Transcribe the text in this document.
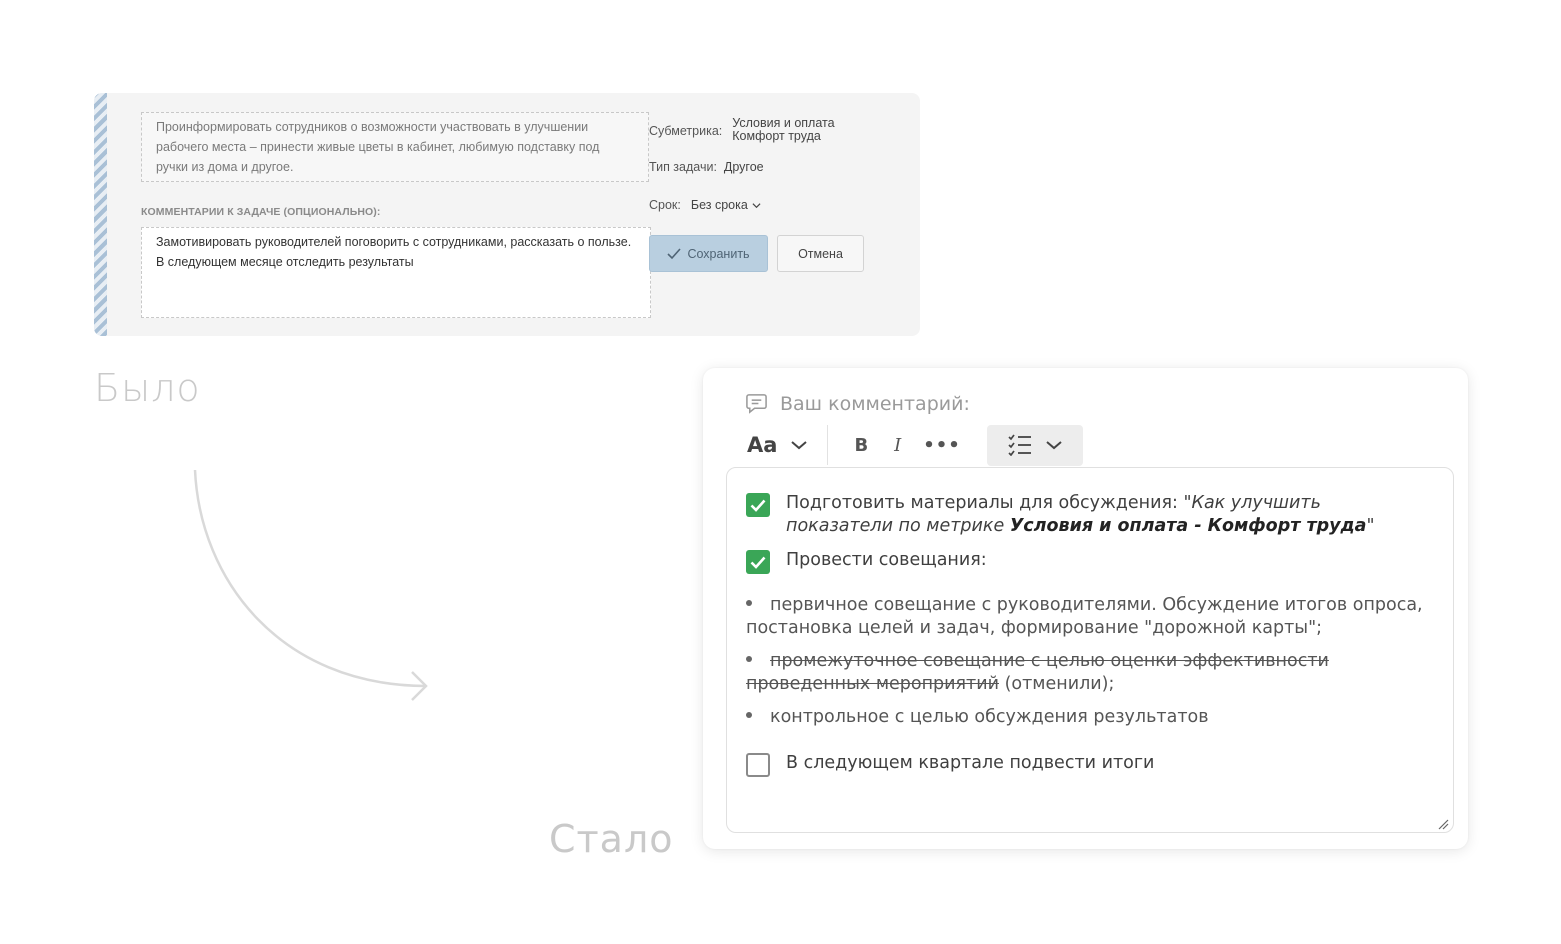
Проинформировать сотрудников о возможности участвовать в улучшении рабочего места – принести живые цветы в кабинет, любимую подставку под ручки из дома и другое.
КОММЕНТАРИИ К ЗАДАЧЕ (ОПЦИОНАЛЬНО):
Замотивировать руководителей поговорить с сотрудниками, рассказать о пользе. В следующем месяце отследить результаты
Субметрика:
Условия и оплата
Комфорт труда
Тип задачи: Другое
Срок: Без срока
Сохранить	Отмена
Было
Стало
Ваш комментарий:
Aa	B I •••
Подготовить материалы для обсуждения: "Как улучшить показатели по метрике Условия и оплата - Комфорт труда"
Провести совещания:
первичное совещание с руководителями. Обсуждение итогов опроса, постановка целей и задач, формирование "дорожной карты";
промежуточное совещание с целью оценки эффективности проведенных мероприятий (отменили);
контрольное с целью обсуждения результатов
В следующем квартале подвести итоги
